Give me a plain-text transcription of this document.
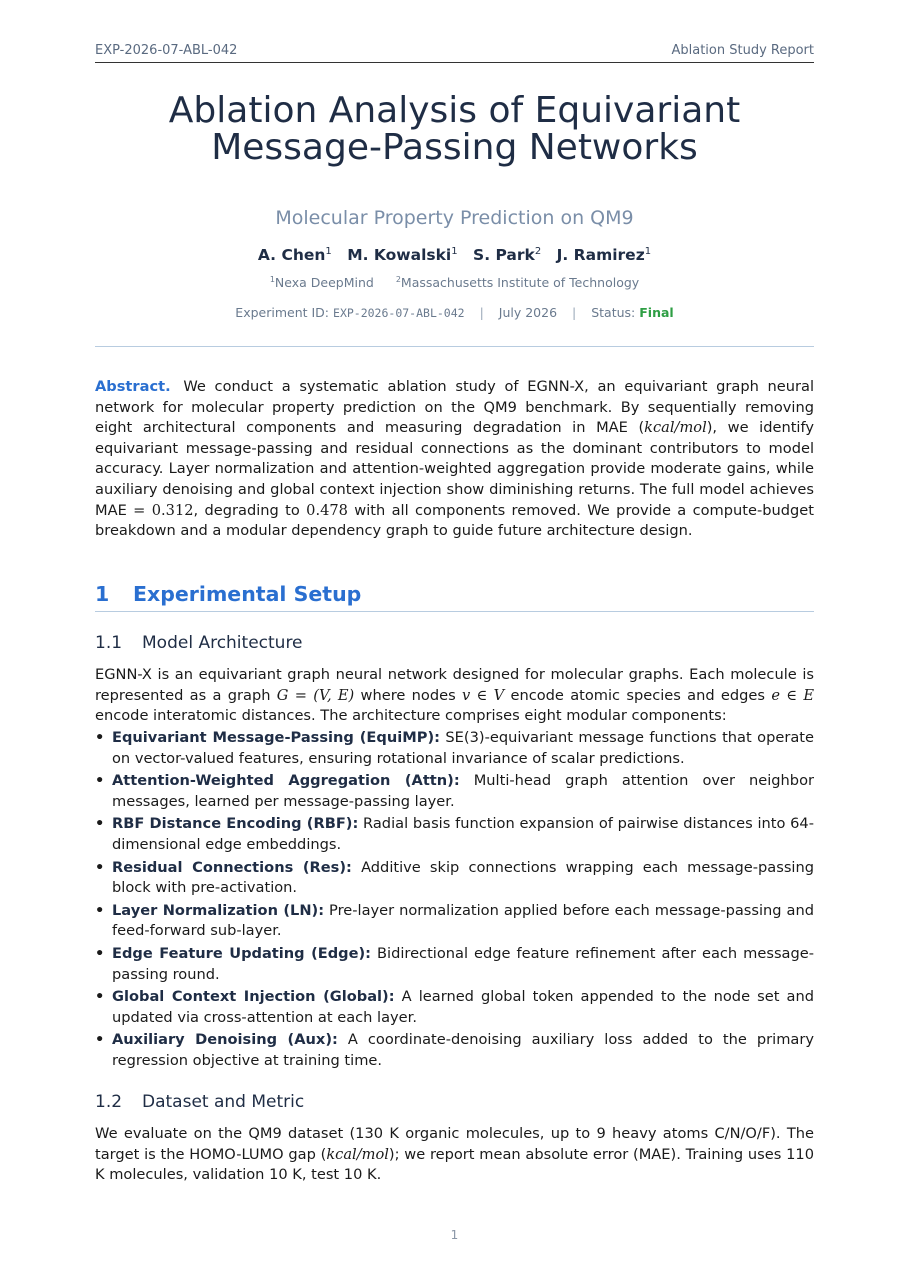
EXP-2026-07-ABL-042	Ablation Study Report
Ablation Analysis of Equivariant Message-Passing Networks
Molecular Property Prediction on QM9
A. Chen$^1$ M. Kowalski$^1$ S. Park$^2$ J. Ramirez$^1$
$^1$Nexa DeepMind	$^2$Massachusetts Institute of Technology
Experiment ID: EXP-2026-07-ABL-042 | July 2026 | Status: Final
Abstract. We conduct a systematic ablation study of EGNN-X, an equivariant graph neural network for molecular property prediction on the QM9 benchmark. By sequentially removing eight architectural components and measuring degradation in MAE (kcal/mol), we identify equivariant message-passing and residual connections as the dominant contributors to model accuracy. Layer normalization and attention-weighted aggregation provide moderate gains, while auxiliary denoising and global context injection show diminishing returns. The full model achieves MAE = 0.312, degrading to 0.478 with all components removed. We provide a compute-budget breakdown and a modular dependency graph to guide future architecture design.
1 Experimental Setup
1.1 Model Architecture
EGNN-X is an equivariant graph neural network designed for molecular graphs. Each molecule is represented as a graph G = (V, E) where nodes v ∈ V encode atomic species and edges e ∈ E encode interatomic distances. The architecture comprises eight modular components:
• Equivariant Message-Passing (EquiMP): SE(3)-equivariant message functions that operate on vector-valued features, ensuring rotational invariance of scalar predictions.
• Attention-Weighted Aggregation (Attn): Multi-head graph attention over neighbor messages, learned per message-passing layer.
• RBF Distance Encoding (RBF): Radial basis function expansion of pairwise distances into 64-dimensional edge embeddings.
• Residual Connections (Res): Additive skip connections wrapping each message-passing block with pre-activation.
• Layer Normalization (LN): Pre-layer normalization applied before each message-passing and feed-forward sub-layer.
• Edge Feature Updating (Edge): Bidirectional edge feature refinement after each message-passing round.
• Global Context Injection (Global): A learned global token appended to the node set and updated via cross-attention at each layer.
• Auxiliary Denoising (Aux): A coordinate-denoising auxiliary loss added to the primary regression objective at training time.
1.2 Dataset and Metric
We evaluate on the QM9 dataset (130 K organic molecules, up to 9 heavy atoms C/N/O/F). The target is the HOMO-LUMO gap (kcal/mol); we report mean absolute error (MAE). Training uses 110 K molecules, validation 10 K, test 10 K.
1
